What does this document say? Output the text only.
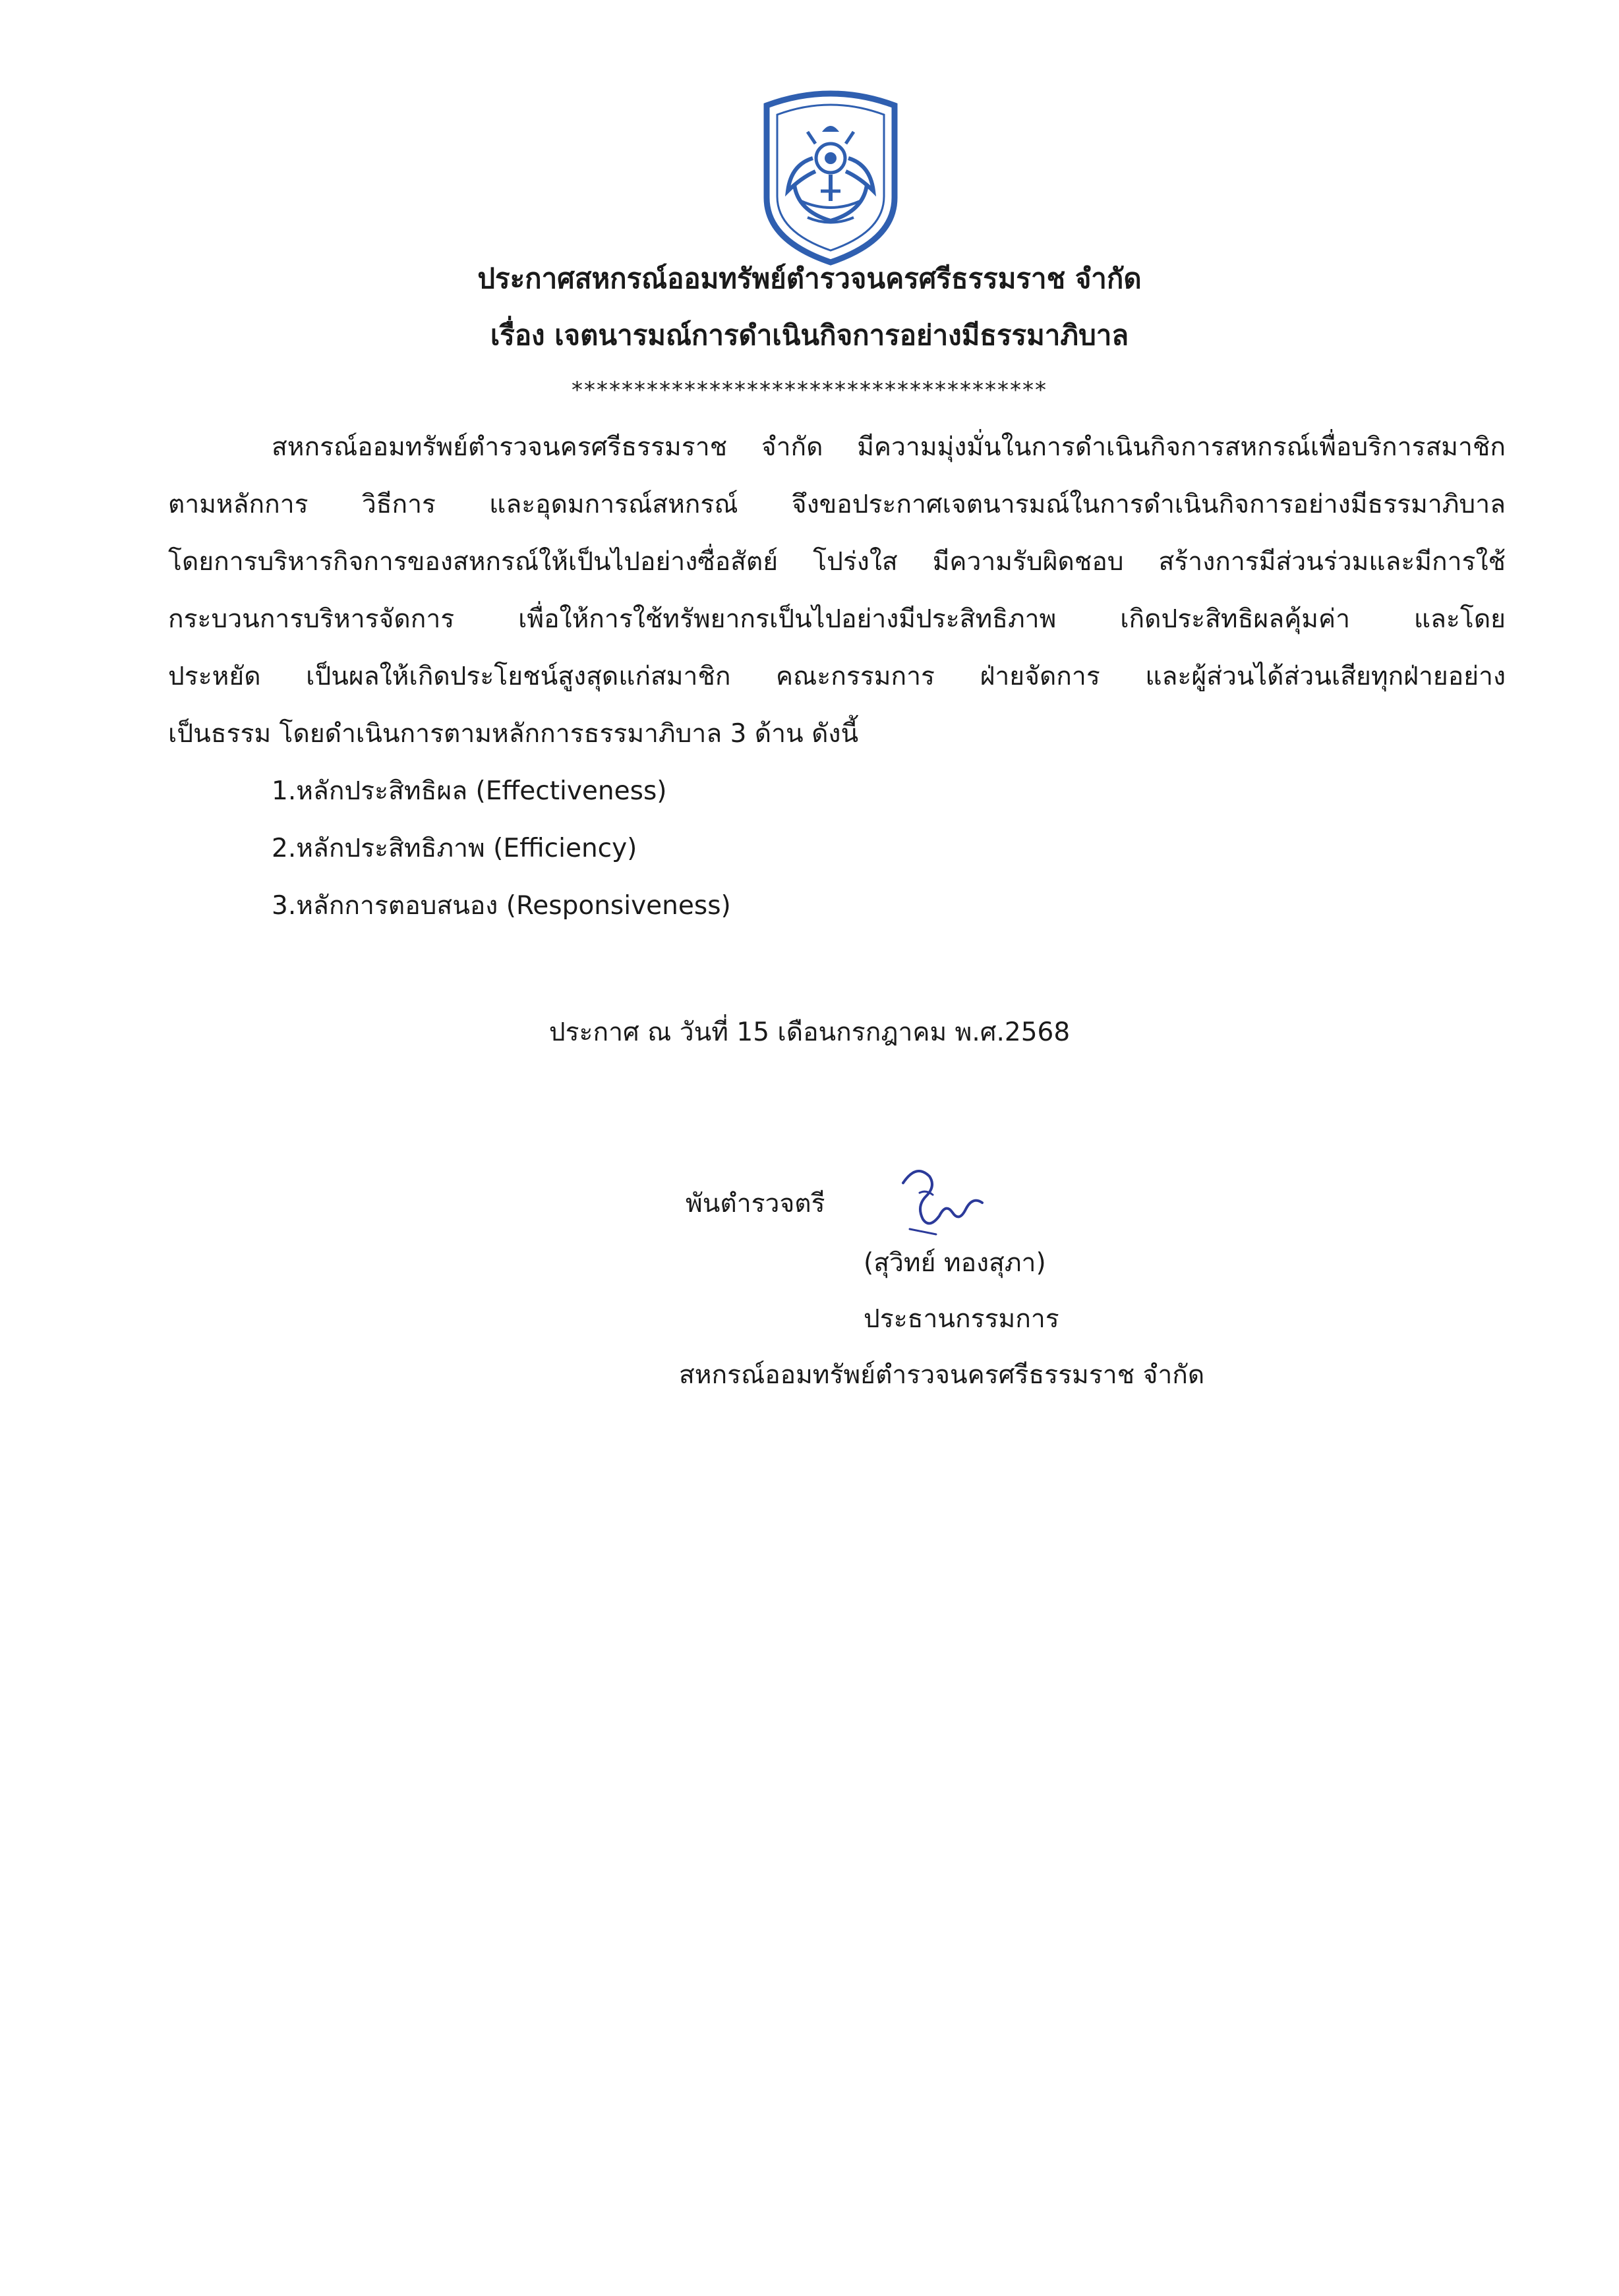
ประกาศสหกรณ์ออมทรัพย์ตำรวจนครศรีธรรมราช จำกัด
เรื่อง เจตนารมณ์การดำเนินกิจการอย่างมีธรรมาภิบาล
**************************************
สหกรณ์ออมทรัพย์ตำรวจนครศรีธรรมราช จำกัด มีความมุ่งมั่นในการดำเนินกิจการสหกรณ์เพื่อบริการสมาชิก
ตามหลักการ วิธีการ และอุดมการณ์สหกรณ์ จึงขอประกาศเจตนารมณ์ในการดำเนินกิจการอย่างมีธรรมาภิบาล
โดยการบริหารกิจการของสหกรณ์ให้เป็นไปอย่างซื่อสัตย์ โปร่งใส มีความรับผิดชอบ สร้างการมีส่วนร่วมและมีการใช้
กระบวนการบริหารจัดการ เพื่อให้การใช้ทรัพยากรเป็นไปอย่างมีประสิทธิภาพ เกิดประสิทธิผลคุ้มค่า และโดย
ประหยัด เป็นผลให้เกิดประโยชน์สูงสุดแก่สมาชิก คณะกรรมการ ฝ่ายจัดการ และผู้ส่วนได้ส่วนเสียทุกฝ่ายอย่าง
เป็นธรรม โดยดำเนินการตามหลักการธรรมาภิบาล 3 ด้าน ดังนี้
1.หลักประสิทธิผล (Effectiveness)
2.หลักประสิทธิภาพ (Efficiency)
3.หลักการตอบสนอง (Responsiveness)
ประกาศ ณ วันที่ 15 เดือนกรกฎาคม พ.ศ.2568
พันตำรวจตรี
(สุวิทย์ ทองสุภา)
ประธานกรรมการ
สหกรณ์ออมทรัพย์ตำรวจนครศรีธรรมราช จำกัด
